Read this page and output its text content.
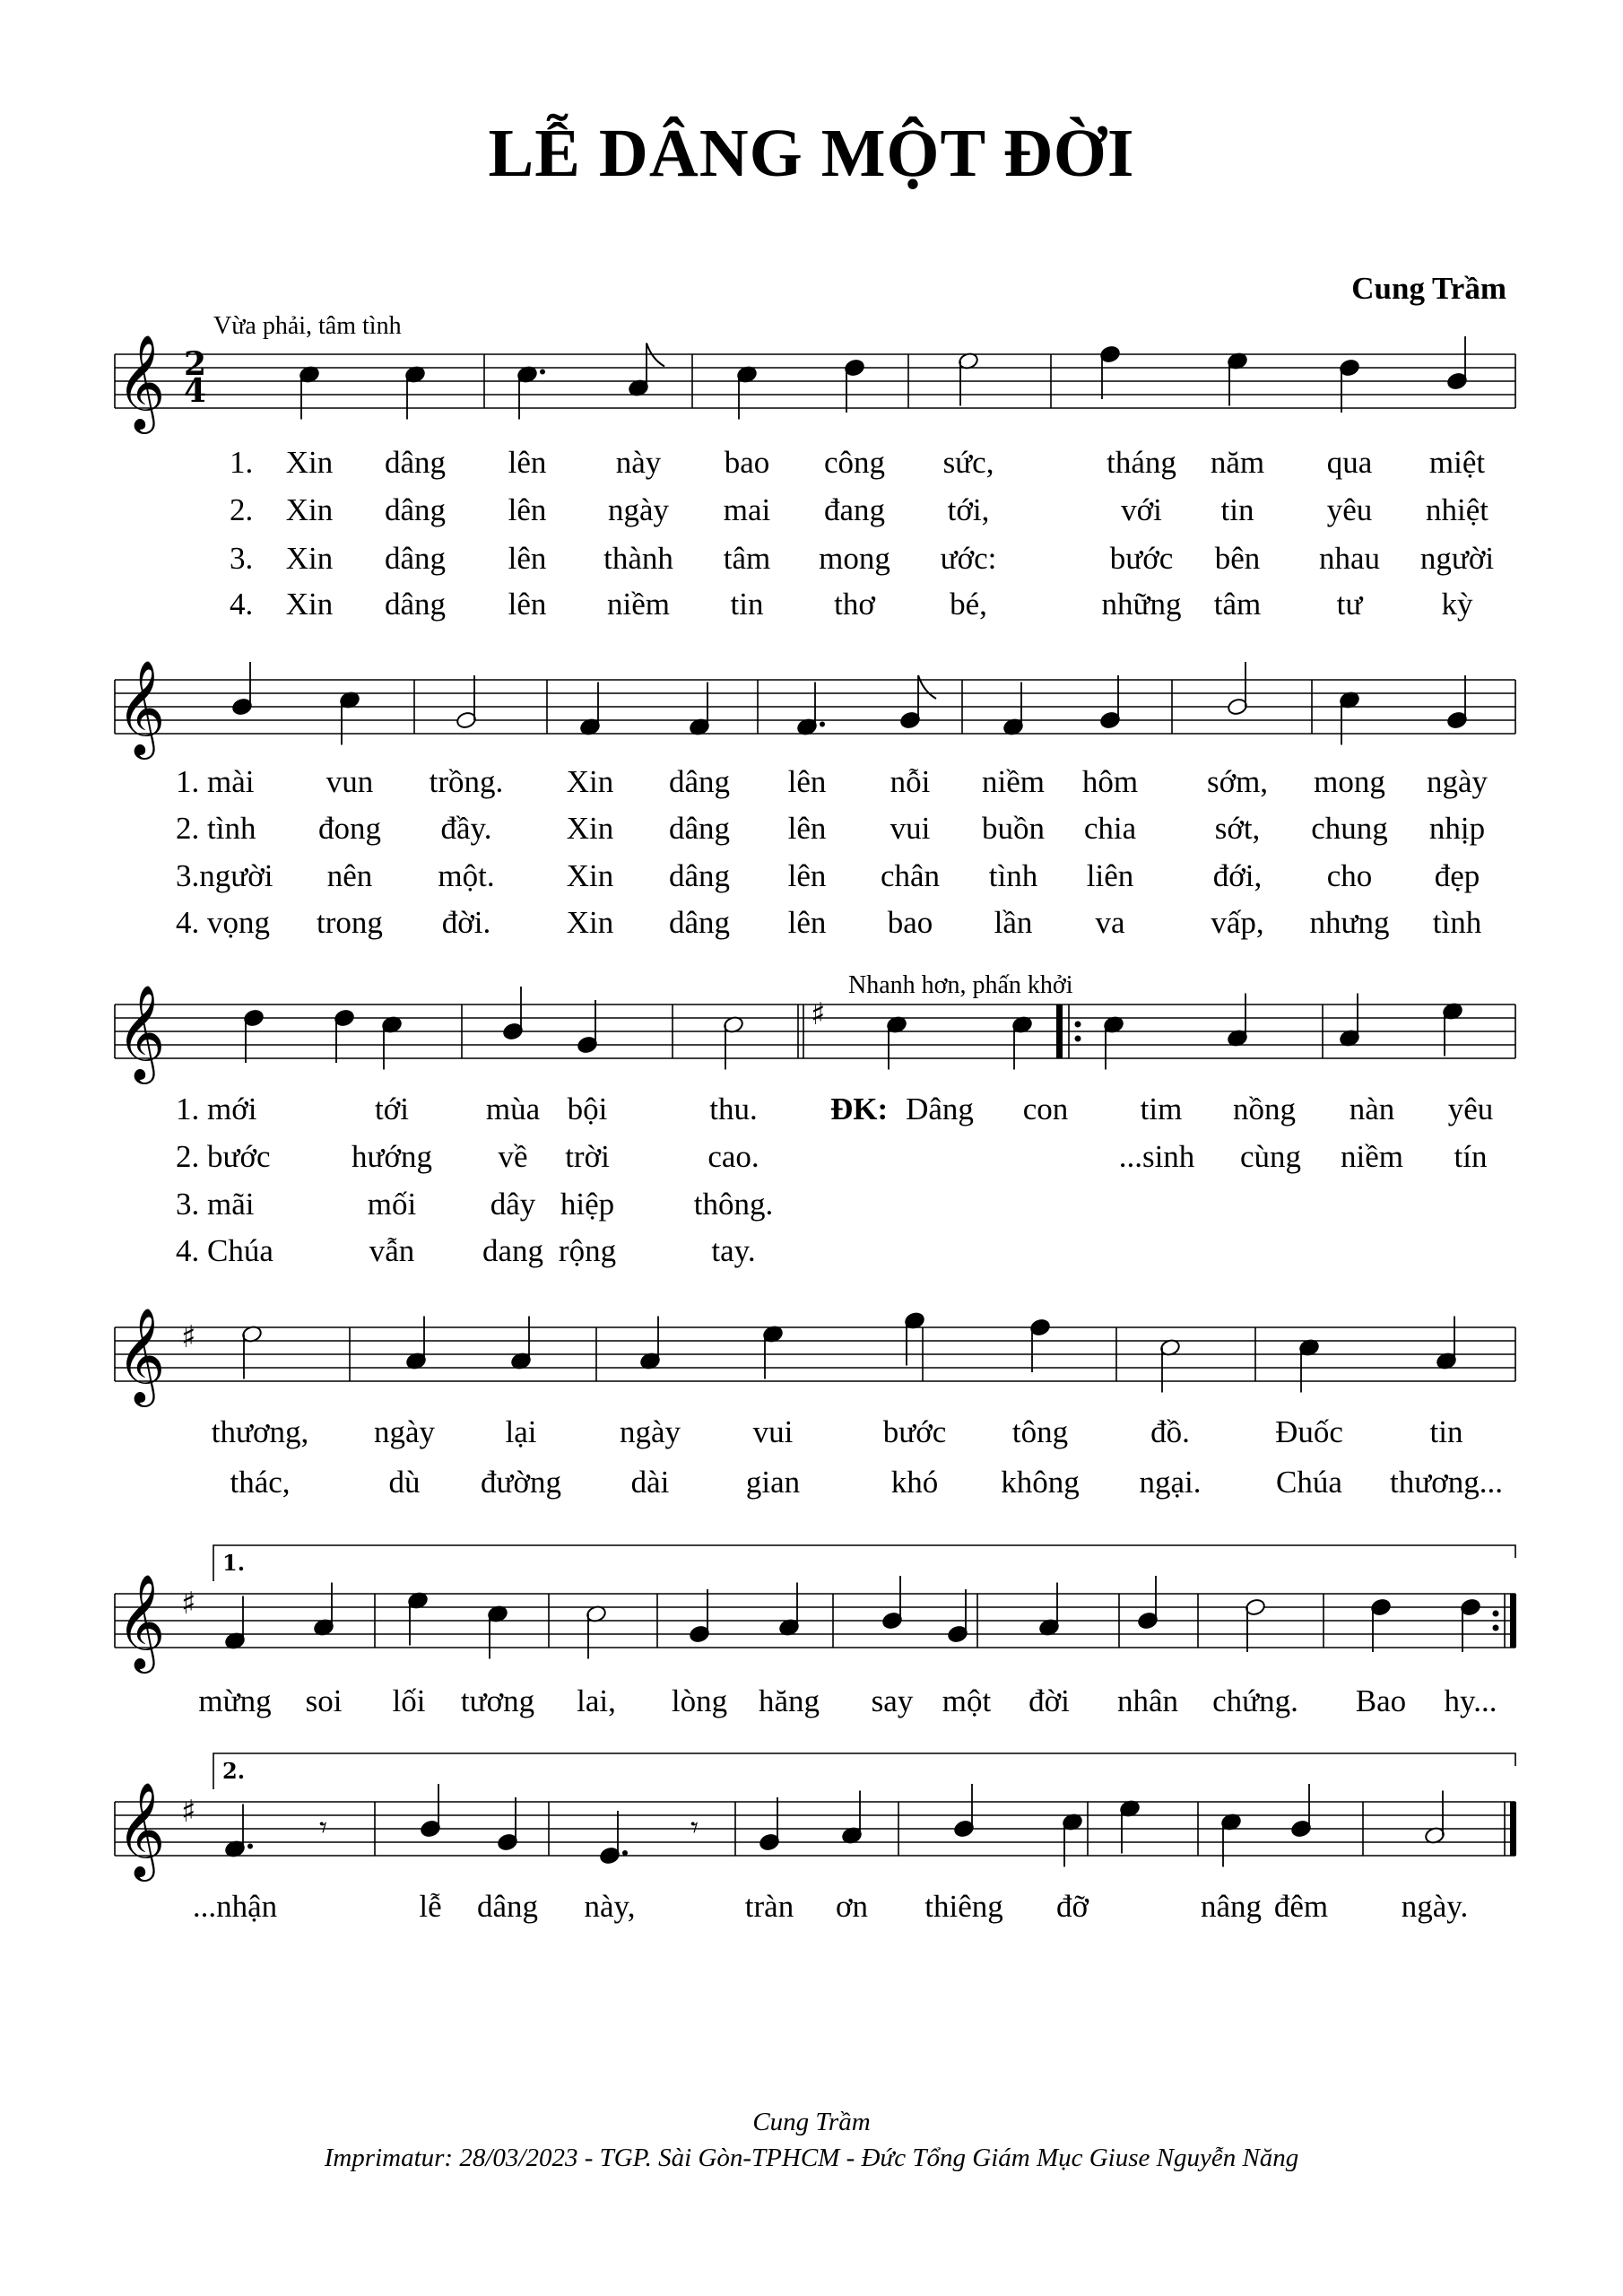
LỄ DÂNG MỘT ĐỜI
Cung Trầm
Vừa phải, tâm tình
Nhanh hơn, phấn khởi
𝄞
𝄞
𝄞	♯
𝄞 ♯
𝄞 ♯
𝄞 ♯
2
4
1.
2.
𝄾	𝄾
1.
2.
3.
4.
Xin dâng lên này bao công sức,	tháng năm qua miệt
Xin dâng lên ngày mai đang tới,	với tin yêu nhiệt
Xin dâng lên thành tâm mong ước:	bước bên nhau người
Xin dâng lên niềm tin thơ bé,	những tâm tư	kỳ
1. mài vun trồng. Xin dâng lên nỗi niềm hôm sớm, mong ngày
2. tình đong đầy. Xin dâng lên vui buồn chia	sớt, chung nhịp
3.người nên một. Xin dâng lên chân tình liên	đới, cho đẹp
4. vọng trong đời. Xin dâng lên bao lần va	vấp, nhưng tình
1. mới	tới mùa bội	thu.
2. bước	hướng về trời	cao.
3. mãi	mối dây hiệp	thông.
4. Chúa	vẫn dang rộng	tay.
ĐK: Dâng con tim nồng nàn yêu
...sinh cùng niềm tín
thương, ngày lại	ngày vui	bước tông	đồ.	Đuốc	tin
thác,	dù đường dài gian	khó không ngại. Chúa thương...
mừng soi lối tương lai, lòng hăng say một đời nhân chứng. Bao hy...
...nhận	lễ dâng này,	tràn ơn thiêng đỡ	nâng đêm ngày.
Cung Trầm
Imprimatur: 28/03/2023 - TGP. Sài Gòn-TPHCM - Đức Tổng Giám Mục Giuse Nguyễn Năng
